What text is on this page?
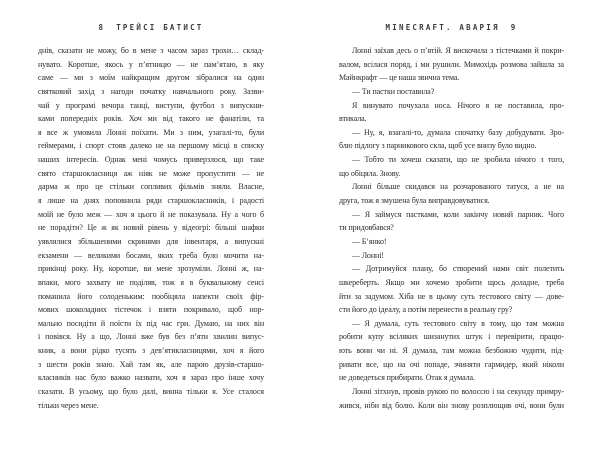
8 ТРЕЙСІ БАТИСТ
днів, сказати не можу, бо в мене з часом зараз трохи… склад-
нувато. Коротше, якось у п’ятницю — не пам’ятаю, в яку
саме — ми з моїм найкращим другом зібралися на один
святковий захід з нагоди початку навчального року. Зазви-
чай у програмі вечора танці, виступи, футбол з випускни-
ками попередніх років. Хоч ми від такого не фанатіли, та
я все ж умовила Лонні поїхати. Ми з ним, узагалі-то, були
геймерами, і спорт стояв далеко не на першому місці в списку
наших інтересів. Однак мені чомусь приверзлося, що таке
свято старшокласниця аж ніяк не може пропустити — не
дарма ж про це стільки сопливих фільмів зняли. Власне,
я лише на днях поповнила ряди старшокласників, і радості
моїй не було меж — хоч я цього й не показувала. Ну а чого б
не порадіти? Це ж як новий рівень у відеогрі: більші шафки
уявлялися збільшеними скринями для інвентаря, а випускні
екзамени — великими босами, яких треба було мочити на-
прикінці року. Ну, коротше, ви мене зрозуміли. Лонні ж, на-
впаки, мого захвату не поділяв, тож я в буквальному сенсі
поманила його солоденьким: пообіцяла напекти своїх фір-
мових шоколадних тістечок і взяти покривало, щоб нор-
мально посидіти й поїсти їх під час гри. Думаю, на них він
і повівся. Ну а що, Лонні вже був без п’яти хвилин випус-
кник, а вони рідко тусять з дев’ятикласницями, хоч я його
з шести років знаю. Хай там як, але парою друзів-старшо-
класників нас було важко назвати, хоч я зараз про інше хочу
сказати. В усьому, що було далі, винна тільки я. Усе сталося
тільки через мене.
MINECRAFT. АВАРІЯ 9
Лонні заїхав десь о п’ятій. Я вискочила з тістечками й покри-
валом, всілася поряд, і ми рушили. Мимохідь розмова зайшла за
Майнкрафт — це наша звична тема.
— Ти пастки поставила?
Я винувато почухала носа. Нічого я не поставила, про-
втикала.
— Ну, я, взагалі-то, думала спочатку базу добудувати. Зро-
блю підлогу з парникового скла, щоб усе внизу було видно.
— Тобто ти хочеш сказати, що не зробила нічого з того,
що обіцяла. Знову.
Лонні більше скидався на розчарованого татуся, а не на
друга, тож я змушена була виправдовуватися.
— Я займуся пастками, коли закінчу новий парник. Чого
ти придовбався?
— Б’янко!
— Лонні!
— Дотримуйся плану, бо створений нами світ полетить
шкереберть. Якщо ми хочемо зробити щось доладне, треба
йти за задумом. Хіба не в цьому суть тестового світу — дове-
сти його до ідеалу, а потім перенести в реальну гру?
— Я думала, суть тестового світу в тому, що там можна
робити купу всіляких шизанутих штук і перевірити, працю-
ють вони чи ні. Я думала, там можна безбожно чудити, під-
ривати все, що на очі попаде, зчиняти гармидер, який ніколи
не доведеться прибирати. Отак я думала.
Лонні зітхнув, провів рукою по волоссю і на секунду примру-
жився, ніби від болю. Коли він знову розплющив очі, вони були
